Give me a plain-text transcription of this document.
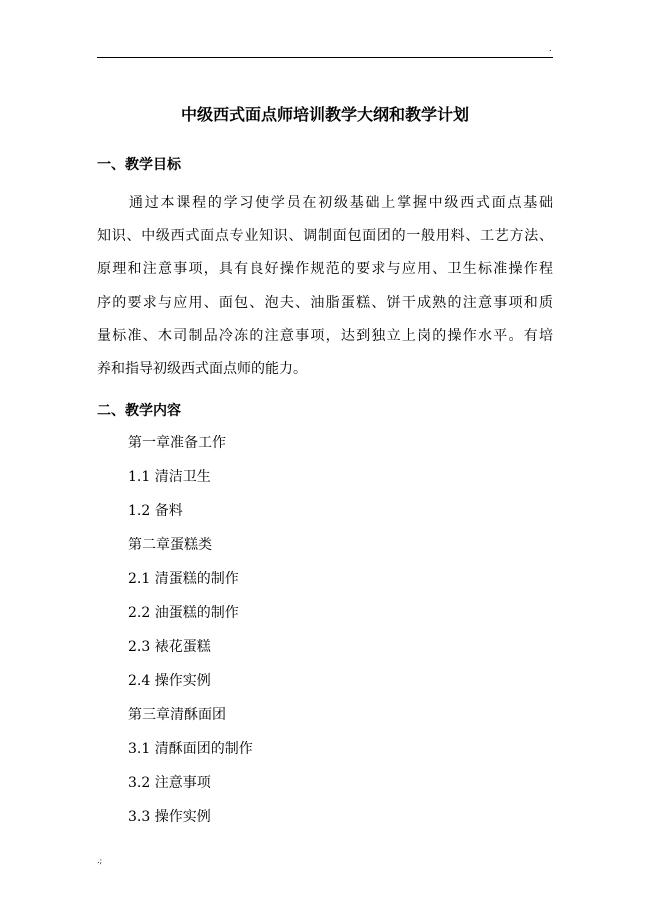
.
中级西式面点师培训教学大纲和教学计划
一、教学目标
通过本课程的学习使学员在初级基础上掌握中级西式面点基础
知识、中级西式面点专业知识、调制面包面团的一般用料、工艺方法、
原理和注意事项，具有良好操作规范的要求与应用、卫生标准操作程
序的要求与应用、面包、泡夫、油脂蛋糕、饼干成熟的注意事项和质
量标准、木司制品冷冻的注意事项，达到独立上岗的操作水平。有培
养和指导初级西式面点师的能力。
二、教学内容
第一章准备工作
1.1 清洁卫生
1.2 备料
第二章蛋糕类
2.1 清蛋糕的制作
2.2 油蛋糕的制作
2.3 裱花蛋糕
2.4 操作实例
第三章清酥面团
3.1 清酥面团的制作
3.2 注意事项
3.3 操作实例
.;
